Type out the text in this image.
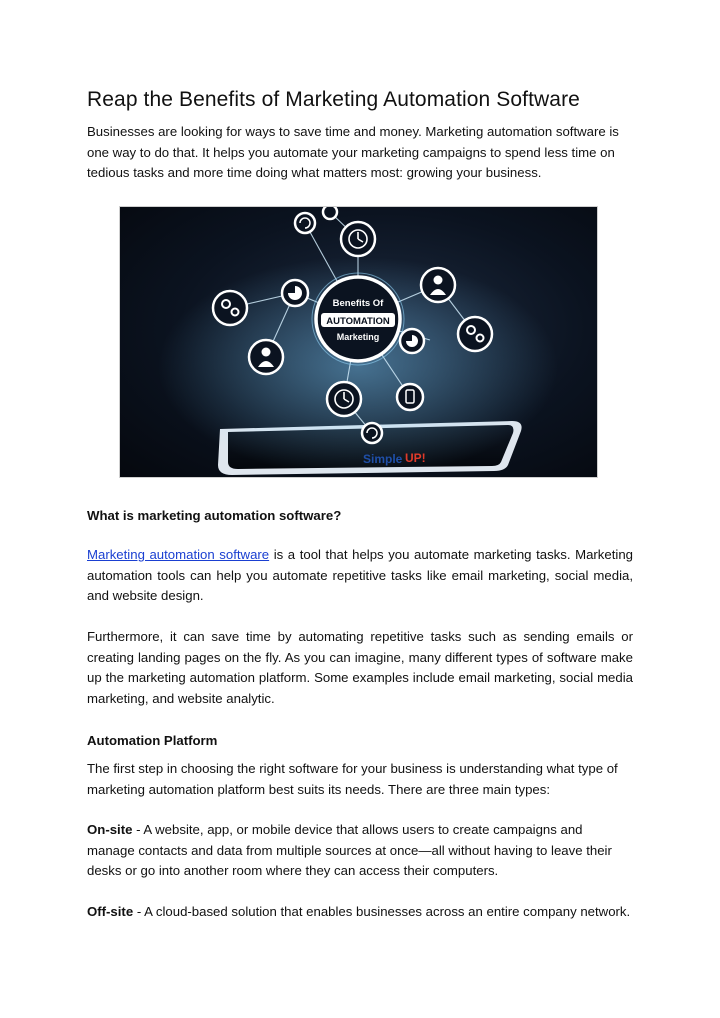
Reap the Benefits of Marketing Automation Software

Businesses are looking for ways to save time and money. Marketing automation software is one way to do that. It helps you automate your marketing campaigns to spend less time on tedious tasks and more time doing what matters most: growing your business.

What is marketing automation software?

Marketing automation software is a tool that helps you automate marketing tasks. Marketing automation tools can help you automate repetitive tasks like email marketing, social media, and website design.

Furthermore, it can save time by automating repetitive tasks such as sending emails or creating landing pages on the fly. As you can imagine, many different types of software make up the marketing automation platform. Some examples include email marketing, social media marketing, and website analytic.

Automation Platform

The first step in choosing the right software for your business is understanding what type of marketing automation platform best suits its needs. There are three main types:

On-site - A website, app, or mobile device that allows users to create campaigns and manage contacts and data from multiple sources at once—all without having to leave their desks or go into another room where they can access their computers.

Off-site - A cloud-based solution that enables businesses across an entire company network.

Benefits Of
AUTOMATION
Marketing
Simple UP!
